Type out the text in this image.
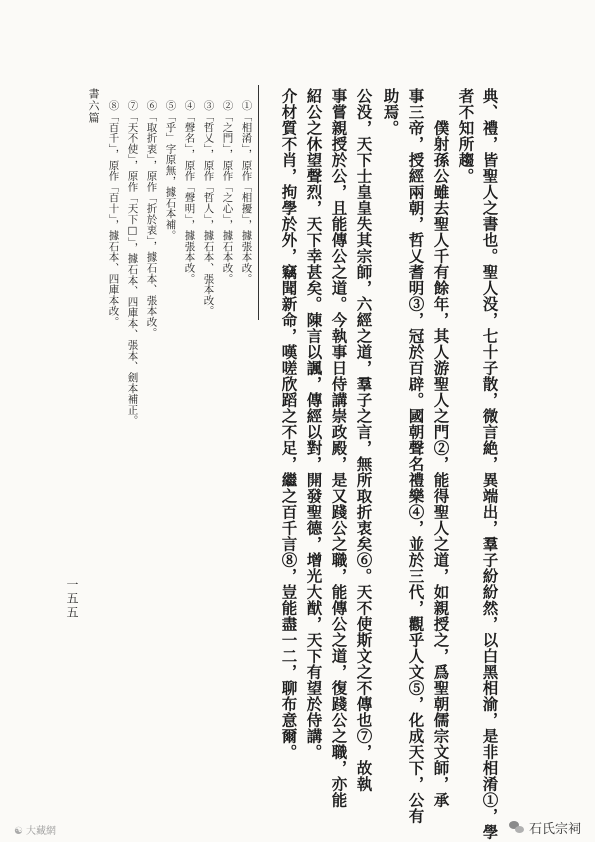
典、禮，皆聖人之書也。聖人没，七十子散，微言絶，異端出，羣子紛紛然，以白黑相渝，是非相淆①，學
者不知所趨。
僕射孫公雖去聖人千有餘年，其人游聖人之門②，能得聖人之道，如親授之，爲聖朝儒宗文師，承
事三帝，授經兩朝，哲乂耆明③，冠於百辟。國朝聲名禮樂④，並於三代，觀乎人文⑤，化成天下，公有
助焉。
公没，天下士皇皇失其宗師，六經之道，羣子之言，無所取折衷矣⑥。天不使斯文之不傳也⑦，故執
事嘗親授於公，且能傳公之道。今執事日侍講崇政殿，是又踐公之職，能傳公之道，復踐公之職，亦能
紹公之休望聲烈，天下幸甚矣。陳言以諷，傳經以對，開發聖德，增光大猷，天下有望於侍講。
介材質不肖，拘學於外，竊聞新命，嘆嗟欣蹈之不足，繼之百千言⑧，豈能盡一二，聊布意爾。
①「相淆」，原作「相擾」，據張本改。
②「之門」，原作「之心」，據石本改。
③「哲乂」，原作「哲人」，據石本、張本改。
④「聲名」，原作「聲明」，據張本改。
⑤「乎」字原無，據石本補。
⑥「取折衷」，原作「折於衷」，據石本、張本改。
⑦「天不使」，原作「天下□」，據石本、四庫本、張本、劍本補正。
⑧「百千」，原作「百十」，據石本、四庫本改。
書六篇
一五五
☯ 大藏網	石氏宗祠
